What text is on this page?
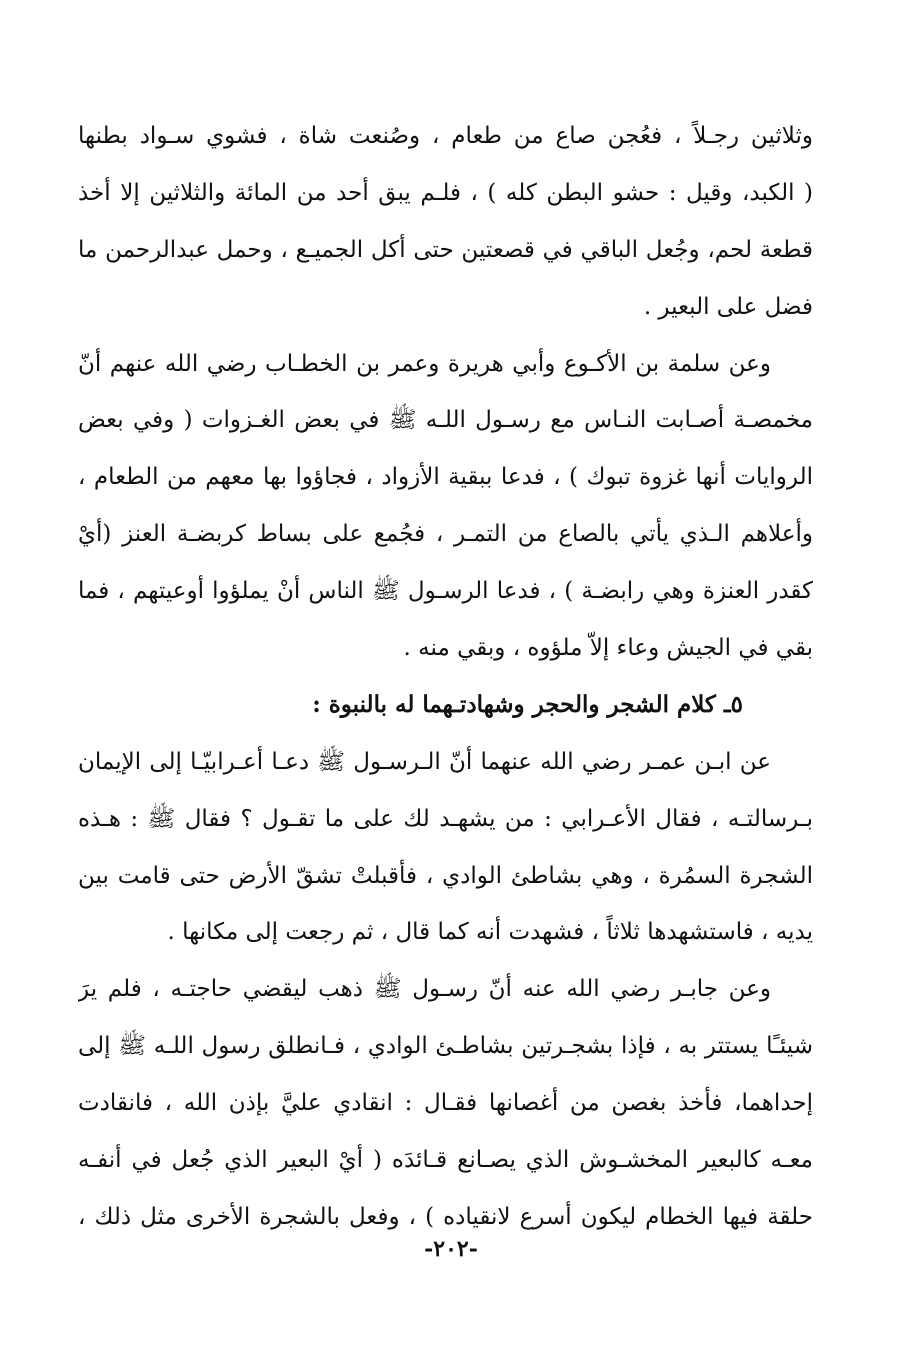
وثلاثين رجـلاً ، فعُجن صاع من طعام ، وصُنعت شاة ، فشوي سـواد بطنها
( الكبد، وقيل : حشو البطن كله ) ، فلـم يبق أحد من المائة والثلاثين إلا أخذ
قطعة لحم، وجُعل الباقي في قصعتين حتى أكل الجميـع ، وحمل عبدالرحمن ما
فضل على البعير .
وعن سلمة بن الأكـوع وأبي هريرة وعمر بن الخطـاب رضي الله عنهم أنّ
مخمصـة أصـابت النـاس مع رسـول اللـه ﷺ في بعض الغـزوات ( وفي بعض
الروايات أنها غزوة تبوك ) ، فدعا ببقية الأزواد ، فجاؤوا بها معهم من الطعام ،
وأعلاهم الـذي يأتي بالصاع من التمـر ، فجُمع على بساط كربضـة العنز (أيْ
كقدر العنزة وهي رابضـة ) ، فدعا الرسـول ﷺ الناس أنْ يملؤوا أوعيتهم ، فما
بقي في الجيش وعاء إلاّ ملؤوه ، وبقي منه .
٥ـ كلام الشجر والحجر وشهادتـهما له بالنبوة :
عن ابـن عمـر رضي الله عنهما أنّ الـرسـول ﷺ دعـا أعـرابيّـا إلى الإيمان
بـرسالتـه ، فقال الأعـرابي : من يشهـد لك على ما تقـول ؟ فقال ﷺ : هـذه
الشجرة السمُرة ، وهي بشاطئ الوادي ، فأقبلتْ تشقّ الأرض حتى قامت بين
يديه ، فاستشهدها ثلاثاً ، فشهدت أنه كما قال ، ثم رجعت إلى مكانها .
وعن جابـر رضي الله عنه أنّ رسـول ﷺ ذهب ليقضي حاجتـه ، فلم يرَ
شيئـًا يستتر به ، فإذا بشجـرتين بشاطـئ الوادي ، فـانطلق رسول اللـه ﷺ إلى
إحداهما، فأخذ بغصن من أغصانها فقـال : انقادي عليَّ بإذن الله ، فانقادت
معـه كالبعير المخشـوش الذي يصـانع قـائدَه ( أيْ البعير الذي جُعل في أنفـه
حلقة فيها الخطام ليكون أسرع لانقياده ) ، وفعل بالشجرة الأخرى مثل ذلك ،
-٢٠٢-
